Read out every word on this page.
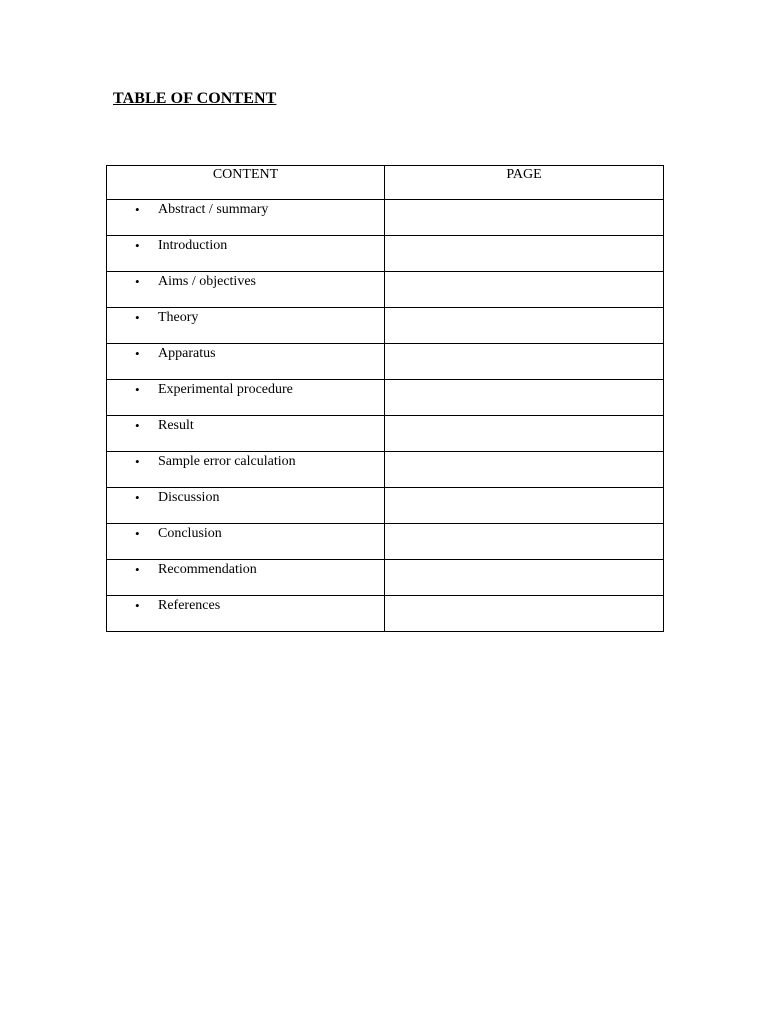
TABLE OF CONTENT
CONTENT	PAGE

• Abstract / summary	

• Introduction	

• Aims / objectives	

• Theory	

• Apparatus	

• Experimental procedure	

• Result	

• Sample error calculation	

• Discussion	

• Conclusion	

• Recommendation	

• References	
